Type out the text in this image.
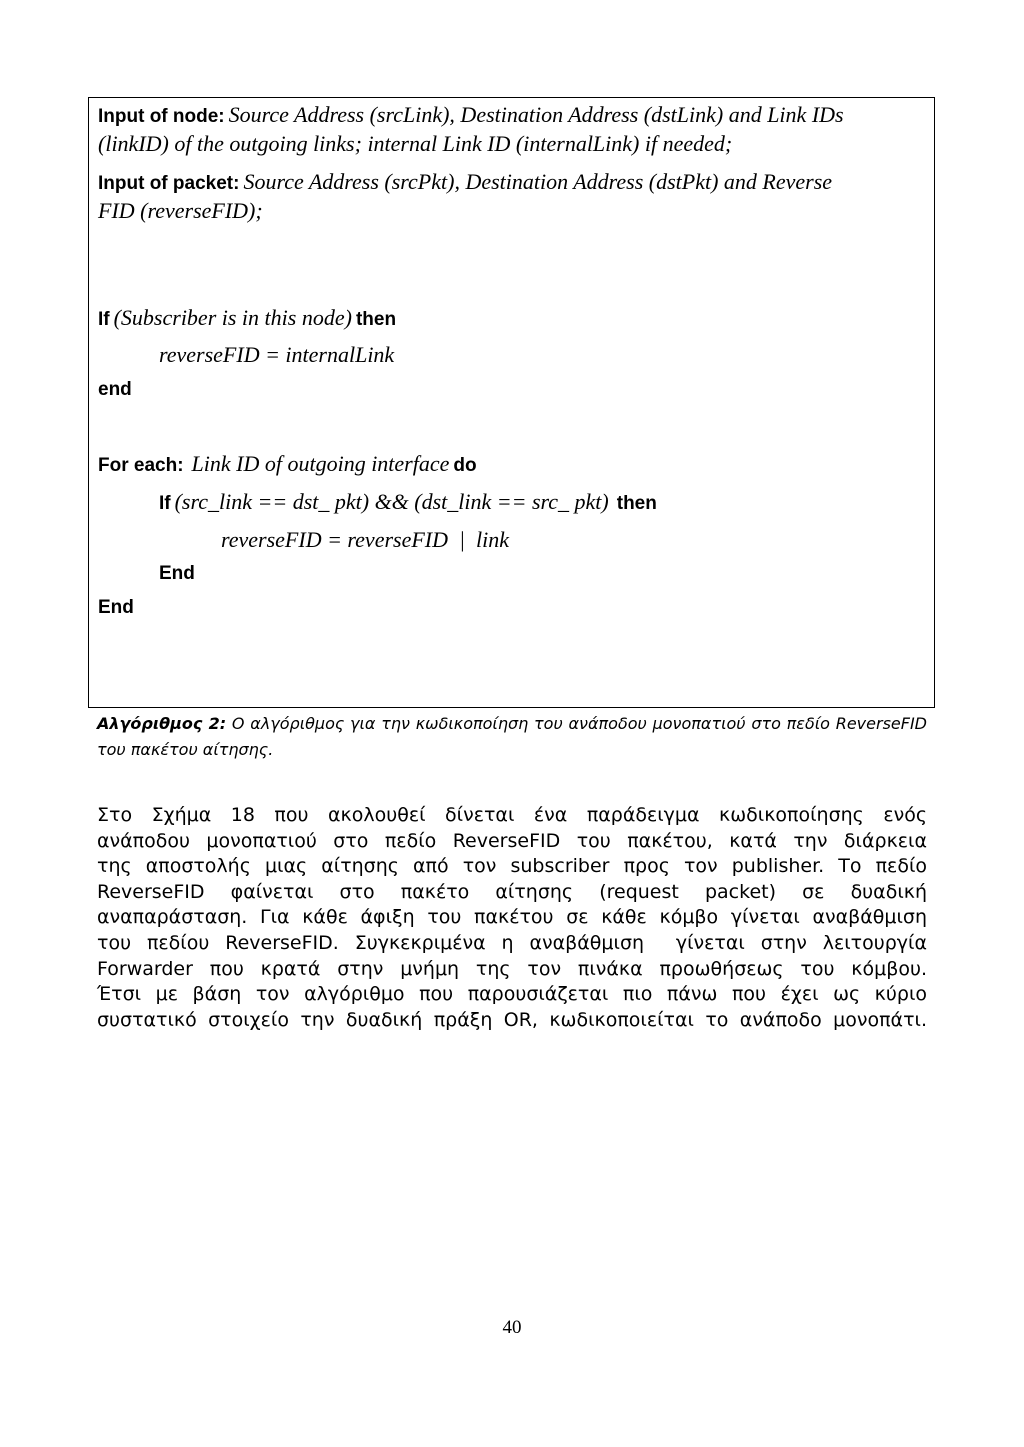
Input of node: Source Address (srcLink), Destination Address (dstLink) and Link IDs
(linkID) of the outgoing links; internal Link ID (internalLink) if needed;
Input of packet: Source Address (srcPkt), Destination Address (dstPkt) and Reverse
FID (reverseFID);
If (Subscriber is in this node) then
reverseFID = internalLink
end
For each: Link ID of outgoing interface do
If (src_link == dst_ pkt) && (dst_link == src_ pkt) then
reverseFID = reverseFID  |  link
End
End
Αλγόριθμος 2: Ο αλγόριθμος για την κωδικοποίηση του ανάποδου μονοπατιού στο πεδίο ReverseFID του πακέτου αίτησης.
Στο Σχήμα 18 που ακολουθεί δίνεται ένα παράδειγμα κωδικοποίησης ενός
ανάποδου μονοπατιού στο πεδίο ReverseFID του πακέτου, κατά την διάρκεια
της αποστολής μιας αίτησης από τον subscriber προς τον publisher. Το πεδίο
ReverseFID φαίνεται στο πακέτο αίτησης (request packet) σε δυαδική
αναπαράσταση. Για κάθε άφιξη του πακέτου σε κάθε κόμβο γίνεται αναβάθμιση
του πεδίου ReverseFID. Συγκεκριμένα η αναβάθμιση  γίνεται στην λειτουργία
Forwarder που κρατά στην μνήμη της τον πινάκα προωθήσεως του κόμβου.
Έτσι με βάση τον αλγόριθμο που παρουσιάζεται πιο πάνω που έχει ως κύριο
συστατικό στοιχείο την δυαδική πράξη OR, κωδικοποιείται το ανάποδο μονοπάτι.
40
